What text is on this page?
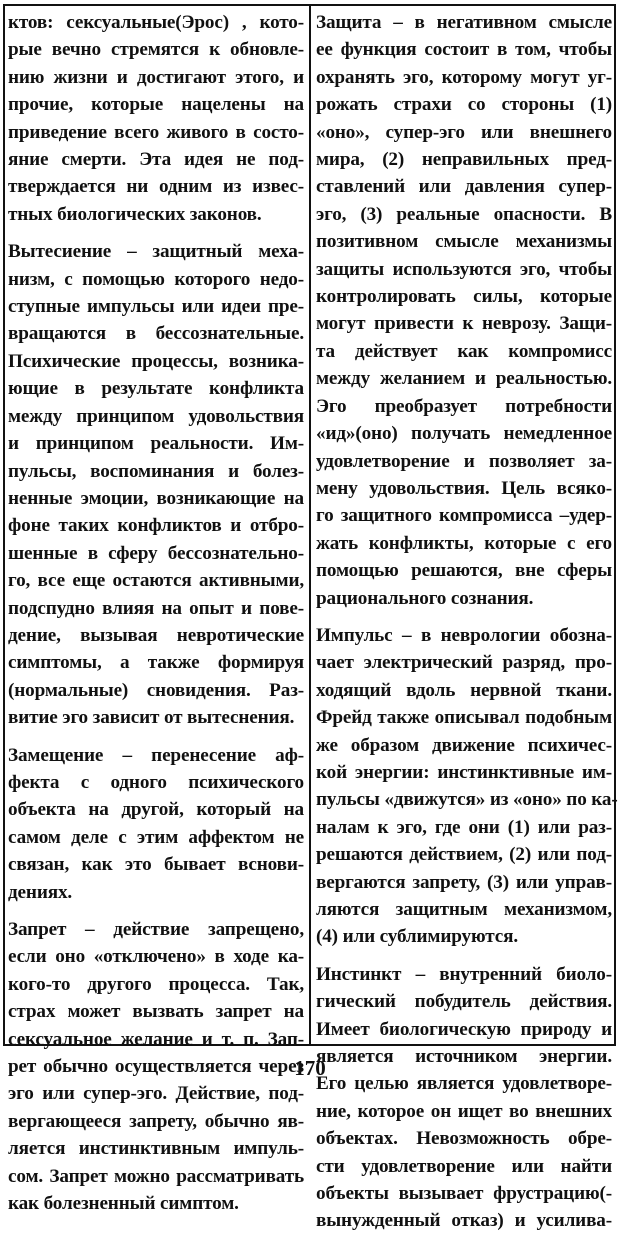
ктов: сексуальные(Эрос) , кото-
рые вечно стремятся к обновле-
нию жизни и достигают этого, и
прочие, которые нацелены на
приведение всего живого в состо-
яние смерти. Эта идея не под-
тверждается ни одним из извес-
тных биологических законов.
Вытесиение – защитный меха-
низм, с помощью которого недо-
ступные импульсы или идеи пре-
вращаются в бессознательные.
Психические процессы, возника-
ющие в результате конфликта
между принципом удовольствия
и принципом реальности. Им-
пульсы, воспоминания и болез-
ненные эмоции, возникающие на
фоне таких конфликтов и отбро-
шенные в сферу бессознательно-
го, все еще остаются активными,
подспудно влияя на опыт и пове-
дение, вызывая невротические
симптомы, а также формируя
(нормальные) сновидения. Раз-
витие эго зависит от вытеснения.
Замещение – перенесение аф-
фекта с одного психического
объекта на другой, который на
самом деле с этим аффектом не
связан, как это бывает вснови-
дениях.
Запрет – действие запрещено,
если оно «отключено» в ходе ка-
кого-то другого процесса. Так,
страх может вызвать запрет на
сексуальное желание и т. п. Зап-
рет обычно осуществляется через
эго или супер-эго. Действие, под-
вергающееся запрету, обычно яв-
ляется инстинктивным импуль-
сом. Запрет можно рассматривать
как болезненный симптом.
Защита – в негативном смысле
ее функция состоит в том, чтобы
охранять эго, которому могут уг-
рожать страхи со стороны (1)
«оно», супер-эго или внешнего
мира, (2) неправильных пред-
ставлений или давления супер-
эго, (3) реальные опасности. В
позитивном смысле механизмы
защиты используются эго, чтобы
контролировать силы, которые
могут привести к неврозу. Защи-
та действует как компромисс
между желанием и реальностью.
Эго преобразует потребности
«ид»(оно) получать немедленное
удовлетворение и позволяет за-
мену удовольствия. Цель всяко-
го защитного компромисса –удер-
жать конфликты, которые с его
помощью решаются, вне сферы
рационального сознания.
Импульс – в неврологии обозна-
чает электрический разряд, про-
ходящий вдоль нервной ткани.
Фрейд также описывал подобным
же образом движение психичес-
кой энергии: инстинктивные им-
пульсы «движутся» из «оно» по ка-
налам к эго, где они (1) или раз-
решаются действием, (2) или под-
вергаются запрету, (3) или управ-
ляются защитным механизмом,
(4) или сублимируются.
Инстинкт – внутренний биоло-
гический побудитель действия.
Имеет биологическую природу и
является источником энергии.
Его целью является удовлетворе-
ние, которое он ищет во внешних
объектах. Невозможность обре-
сти удовлетворение или найти
объекты вызывает фрустрацию(-
вынужденный отказ) и усилива-
170
